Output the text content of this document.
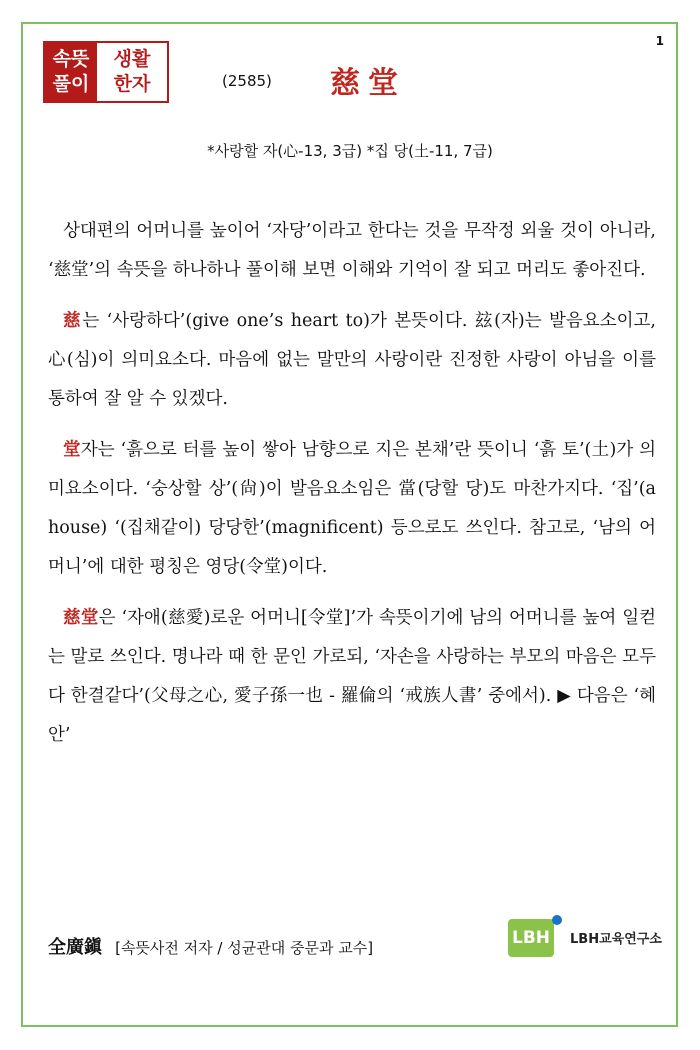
1
속뜻
풀이
생활
한자	(2585) 慈堂
*사랑할 자(心-13, 3급) *집 당(土-11, 7급)

상대편의 어머니를 높이어 ‘자당’이라고 한다는 것을 무작정 외울 것이 아니라, ‘慈堂’의 속뜻을 하나하나 풀이해 보면 이해와 기억이 잘 되고 머리도 좋아진다.

慈는 ‘사랑하다’(give one’s heart to)가 본뜻이다. 玆(자)는 발음요소이고, 心(심)이 의미요소다. 마음에 없는 말만의 사랑이란 진정한 사랑이 아님을 이를 통하여 잘 알 수 있겠다.

堂자는 ‘흙으로 터를 높이 쌓아 남향으로 지은 본채’란 뜻이니 ‘흙 토’(土)가 의미요소이다. ‘숭상할 상’(尙)이 발음요소임은 當(당할 당)도 마찬가지다. ‘집’(a house) ‘(집채같이) 당당한’(magnificent) 등으로도 쓰인다. 참고로, ‘남의 어머니’에 대한 평칭은 영당(令堂)이다.

慈堂은 ‘자애(慈愛)로운 어머니[令堂]’가 속뜻이기에 남의 어머니를 높여 일컫는 말로 쓰인다. 명나라 때 한 문인 가로되, ‘자손을 사랑하는 부모의 마음은 모두 다 한결같다’(父母之心, 愛子孫一也 - 羅倫의 ‘戒族人書’ 중에서). ▶ 다음은 ‘혜안’

全廣鎭 [속뜻사전 저자 / 성균관대 중문과 교수]	LBH	LBH교육연구소
